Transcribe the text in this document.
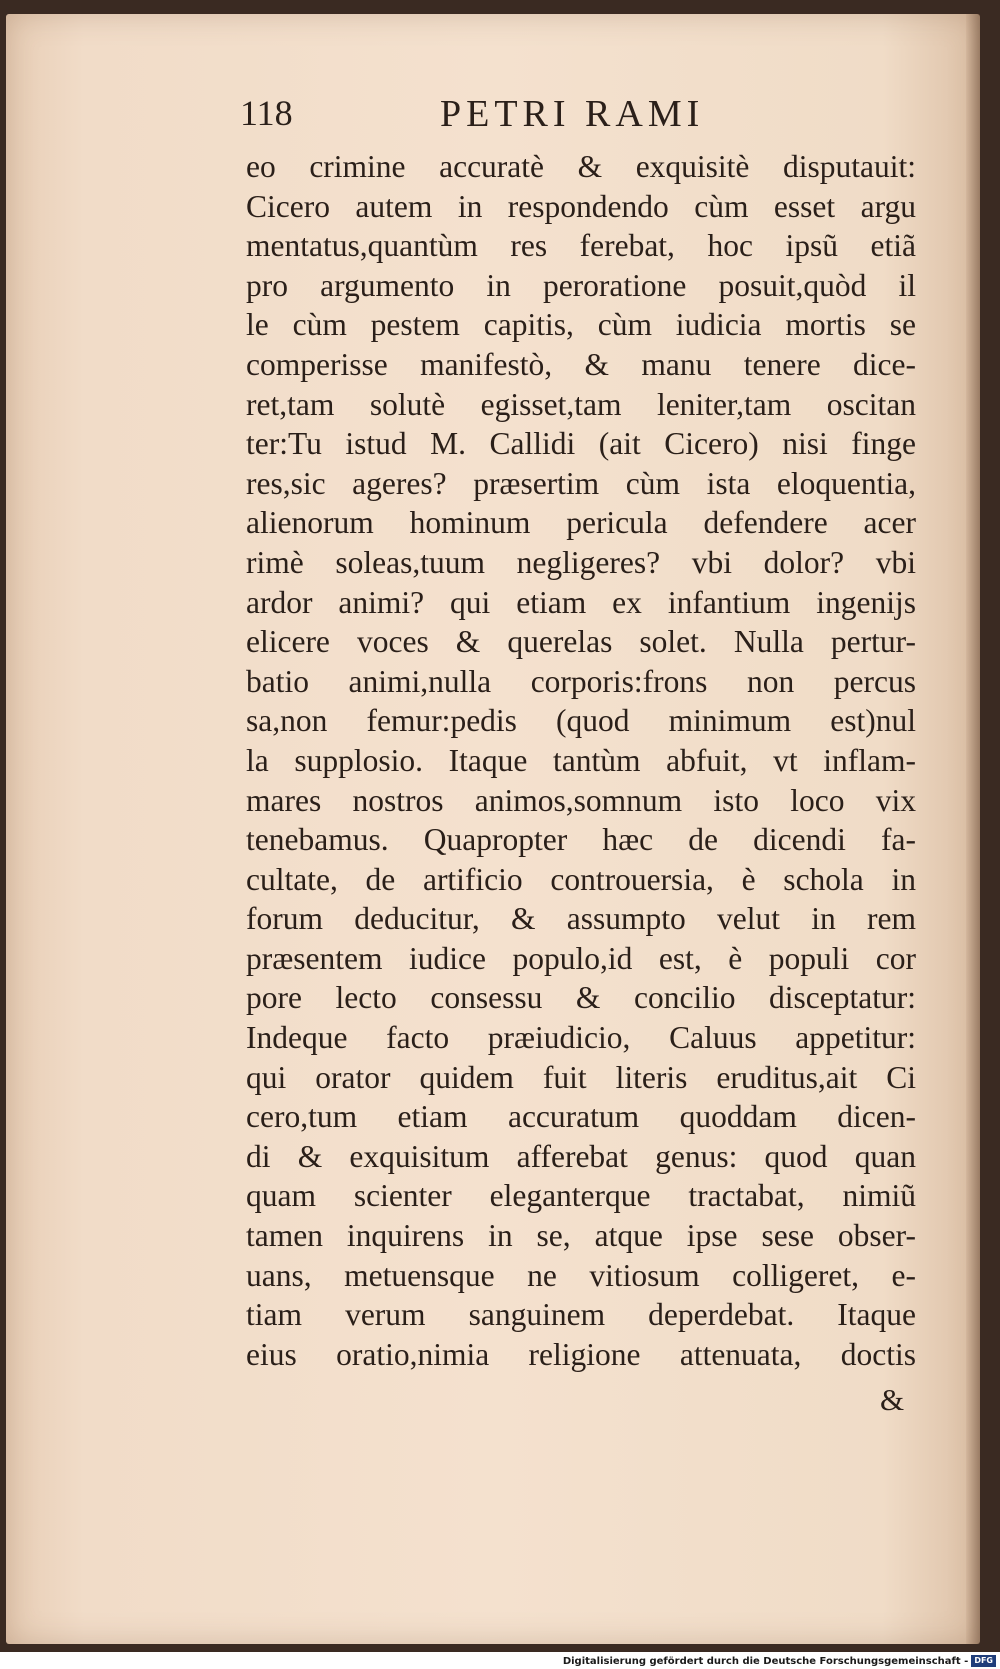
118	PETRI RAMI
eo crimine accuratè & exquisitè disputauit:
Cicero autem in respondendo cùm esset argu
mentatus,quantùm res ferebat, hoc ipsũ etiã
pro argumento in peroratione posuit,quòd il
le cùm pestem capitis, cùm iudicia mortis se
comperisse manifestò, & manu tenere dice-
ret,tam solutè egisset,tam leniter,tam oscitan
ter:Tu istud M. Callidi (ait Cicero) nisi finge
res,sic ageres? præsertim cùm ista eloquentia,
alienorum hominum pericula defendere acer
rimè soleas,tuum negligeres? vbi dolor? vbi
ardor animi? qui etiam ex infantium ingenijs
elicere voces & querelas solet. Nulla pertur-
batio animi,nulla corporis:frons non percus
sa,non femur:pedis (quod minimum est)nul
la supplosio. Itaque tantùm abfuit, vt inflam-
mares nostros animos,somnum isto loco vix
tenebamus. Quapropter hæc de dicendi fa-
cultate, de artificio controuersia, è schola in
forum deducitur, & assumpto velut in rem
præsentem iudice populo,id est, è populi cor
pore lecto consessu & concilio disceptatur:
Indeque facto præiudicio, Caluus appetitur:
qui orator quidem fuit literis eruditus,ait Ci
cero,tum etiam accuratum quoddam dicen-
di & exquisitum afferebat genus: quod quan
quam scienter eleganterque tractabat, nimiũ
tamen inquirens in se, atque ipse sese obser-
uans, metuensque ne vitiosum colligeret, e-
tiam verum sanguinem deperdebat. Itaque
eius oratio,nimia religione attenuata, doctis
&
Digitalisierung gefördert durch die Deutsche Forschungsgemeinschaft - DFG
